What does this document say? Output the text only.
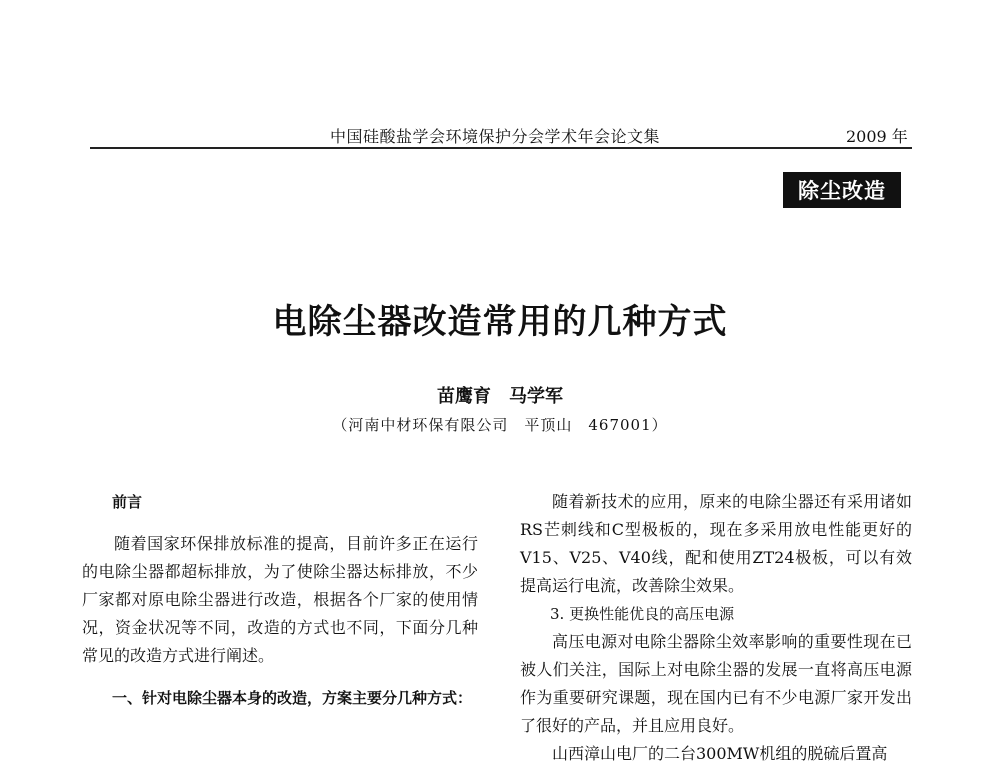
中国硅酸盐学会环境保护分会学术年会论文集	2009 年
除尘改造
电除尘器改造常用的几种方式
苗鹰育　马学军
（河南中材环保有限公司　平顶山　467001）

前言

随着国家环保排放标准的提高，目前许多正在运行的电除尘器都超标排放，为了使除尘器达标排放，不少厂家都对原电除尘器进行改造，根据各个厂家的使用情况，资金状况等不同，改造的方式也不同，下面分几种常见的改造方式进行阐述。

一、针对电除尘器本身的改造，方案主要分几种方式：

随着新技术的应用，原来的电除尘器还有采用诸如RS芒刺线和C型极板的，现在多采用放电性能更好的V15、V25、V40线，配和使用ZT24极板，可以有效提高运行电流，改善除尘效果。

3. 更换性能优良的高压电源

高压电源对电除尘器除尘效率影响的重要性现在已被人们关注，国际上对电除尘器的发展一直将高压电源作为重要研究课题，现在国内已有不少电源厂家开发出了很好的产品，并且应用良好。

山西漳山电厂的二台300MW机组的脱硫后置高
